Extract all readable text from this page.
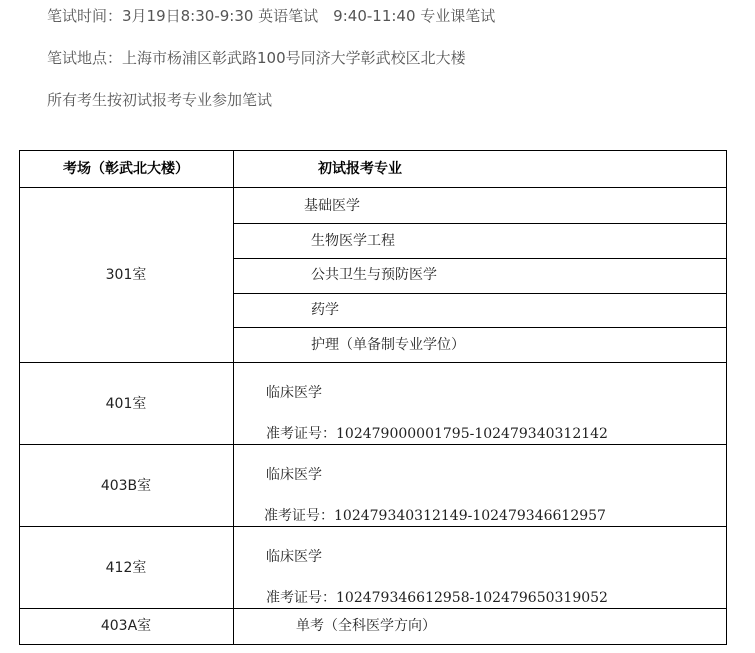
笔试时间：3月19日8:30-9:30 英语笔试　9:40-11:40 专业课笔试
笔试地点：上海市杨浦区彰武路100号同济大学彰武校区北大楼
所有考生按初试报考专业参加笔试
考场（彰武北大楼）	初试报考专业
301室
基础医学
生物医学工程
公共卫生与预防医学
药学
护理（单备制专业学位）
401室
临床医学
准考证号：102479000001795-102479340312142
403B室
临床医学
准考证号：102479340312149-102479346612957
412室
临床医学
准考证号：102479346612958-102479650319052
403A室	单考（全科医学方向）
